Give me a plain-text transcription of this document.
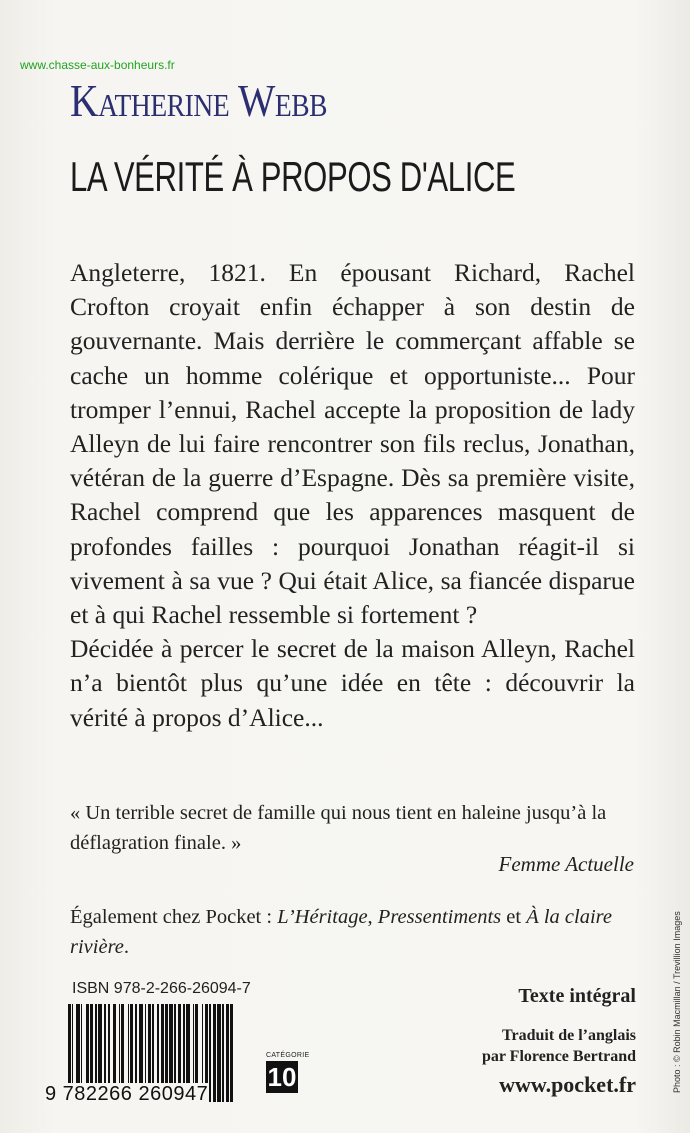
www.chasse-aux-bonheurs.fr
Katherine Webb
LA VÉRITÉ À PROPOS D'ALICE

Angleterre, 1821. En épousant Richard, Rachel Crofton croyait enfin échapper à son destin de gouvernante. Mais derrière le commerçant affable se cache un homme colérique et opportuniste... Pour tromper l’ennui, Rachel accepte la proposition de lady Alleyn de lui faire rencontrer son fils reclus, Jonathan, vétéran de la guerre d’Espagne. Dès sa première visite, Rachel comprend que les apparences masquent de profondes failles : pourquoi Jonathan réagit-il si vivement à sa vue ? Qui était Alice, sa fiancée disparue et à qui Rachel ressemble si fortement ?

Décidée à percer le secret de la maison Alleyn, Rachel n’a bientôt plus qu’une idée en tête : découvrir la vérité à propos d’Alice...

« Un terrible secret de famille qui nous tient en haleine jusqu’à la déflagration finale. »
Femme Actuelle
Également chez Pocket : L’Héritage, Pressentiments et À la claire rivière.
ISBN 978-2-266-26094-7
9 782266 260947
CATÉGORIE
10
Texte intégral
Traduit de l’anglais
par Florence Bertrand
www.pocket.fr	Photo : © Robin Macmillan / Trevillion Images
